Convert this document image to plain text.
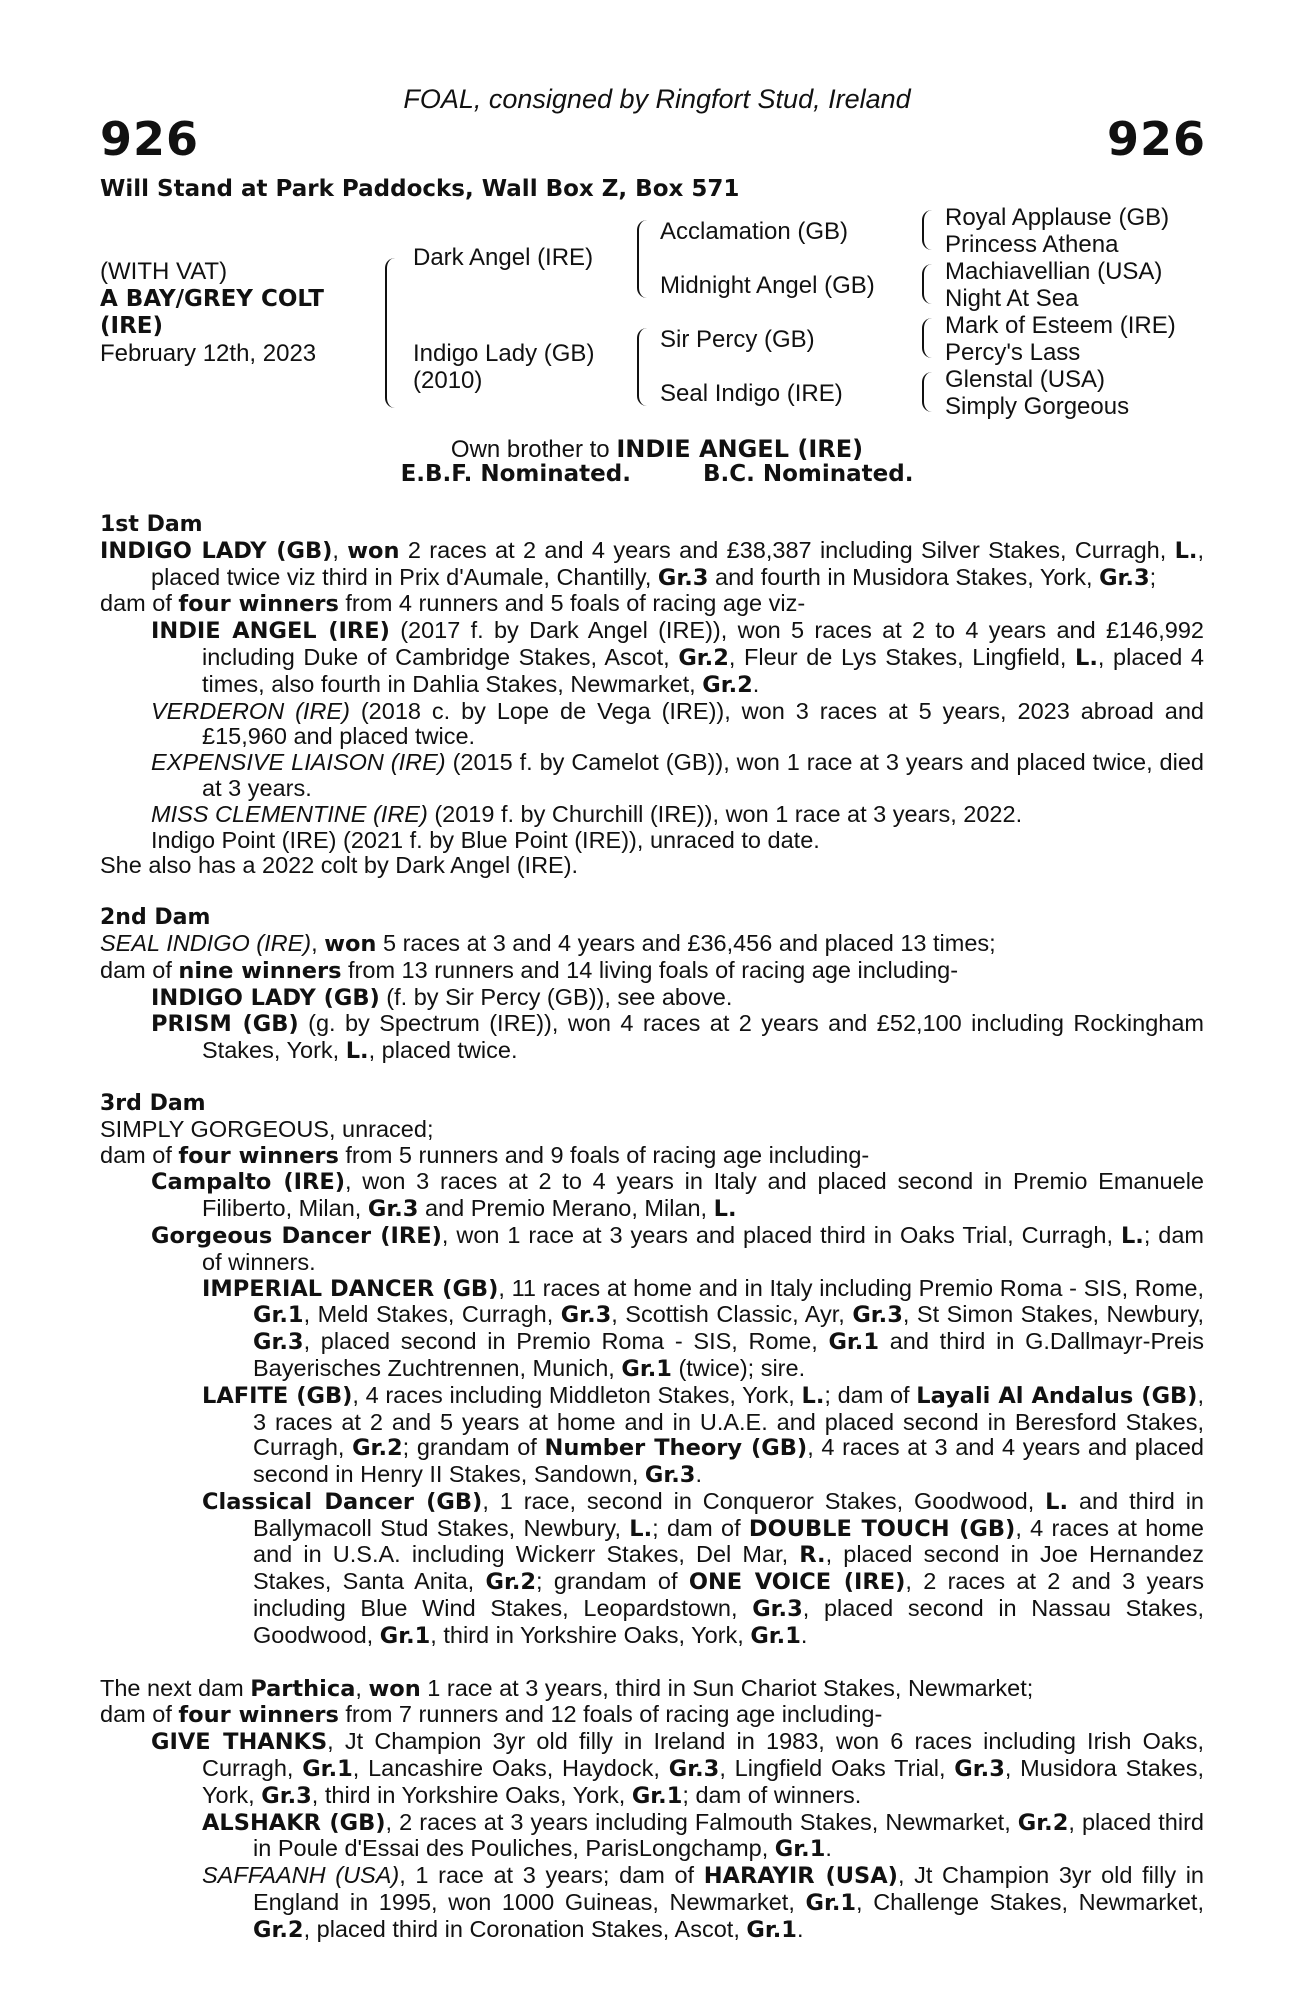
FOAL, consigned by Ringfort Stud, Ireland
926	926
Will Stand at Park Paddocks, Wall Box Z, Box 571
(WITH VAT)
A BAY/GREY COLT
(IRE)
February 12th, 2023
Dark Angel (IRE)
Indigo Lady (GB)
(2010)
Acclamation (GB)
Midnight Angel (GB)
Sir Percy (GB)
Seal Indigo (IRE)
Royal Applause (GB)
Princess Athena
Machiavellian (USA)
Night At Sea
Mark of Esteem (IRE)
Percy's Lass
Glenstal (USA)
Simply Gorgeous
Own brother to INDIE ANGEL (IRE)
E.B.F. Nominated.	B.C. Nominated.
1st Dam

INDIGO LADY (GB), won 2 races at 2 and 4 years and £38,387 including Silver Stakes, Curragh, L., placed twice viz third in Prix d'Aumale, Chantilly, Gr.3 and fourth in Musidora Stakes, York, Gr.3;

dam of four winners from 4 runners and 5 foals of racing age viz-

INDIE ANGEL (IRE) (2017 f. by Dark Angel (IRE)), won 5 races at 2 to 4 years and £146,992 including Duke of Cambridge Stakes, Ascot, Gr.2, Fleur de Lys Stakes, Lingfield, L., placed 4 times, also fourth in Dahlia Stakes, Newmarket, Gr.2.

VERDERON (IRE) (2018 c. by Lope de Vega (IRE)), won 3 races at 5 years, 2023 abroad and £15,960 and placed twice.

EXPENSIVE LIAISON (IRE) (2015 f. by Camelot (GB)), won 1 race at 3 years and placed twice, died at 3 years.

MISS CLEMENTINE (IRE) (2019 f. by Churchill (IRE)), won 1 race at 3 years, 2022.

Indigo Point (IRE) (2021 f. by Blue Point (IRE)), unraced to date.

She also has a 2022 colt by Dark Angel (IRE).

2nd Dam

SEAL INDIGO (IRE), won 5 races at 3 and 4 years and £36,456 and placed 13 times;

dam of nine winners from 13 runners and 14 living foals of racing age including-

INDIGO LADY (GB) (f. by Sir Percy (GB)), see above.

PRISM (GB) (g. by Spectrum (IRE)), won 4 races at 2 years and £52,100 including Rockingham Stakes, York, L., placed twice.

3rd Dam

SIMPLY GORGEOUS, unraced;

dam of four winners from 5 runners and 9 foals of racing age including-

Campalto (IRE), won 3 races at 2 to 4 years in Italy and placed second in Premio Emanuele Filiberto, Milan, Gr.3 and Premio Merano, Milan, L.

Gorgeous Dancer (IRE), won 1 race at 3 years and placed third in Oaks Trial, Curragh, L.; dam of winners.

IMPERIAL DANCER (GB), 11 races at home and in Italy including Premio Roma - SIS, Rome, Gr.1, Meld Stakes, Curragh, Gr.3, Scottish Classic, Ayr, Gr.3, St Simon Stakes, Newbury, Gr.3, placed second in Premio Roma - SIS, Rome, Gr.1 and third in G.Dallmayr-Preis Bayerisches Zuchtrennen, Munich, Gr.1 (twice); sire.

LAFITE (GB), 4 races including Middleton Stakes, York, L.; dam of Layali Al Andalus (GB), 3 races at 2 and 5 years at home and in U.A.E. and placed second in Beresford Stakes, Curragh, Gr.2; grandam of Number Theory (GB), 4 races at 3 and 4 years and placed second in Henry II Stakes, Sandown, Gr.3.

Classical Dancer (GB), 1 race, second in Conqueror Stakes, Goodwood, L. and third in Ballymacoll Stud Stakes, Newbury, L.; dam of DOUBLE TOUCH (GB), 4 races at home and in U.S.A. including Wickerr Stakes, Del Mar, R., placed second in Joe Hernandez Stakes, Santa Anita, Gr.2; grandam of ONE VOICE (IRE), 2 races at 2 and 3 years including Blue Wind Stakes, Leopardstown, Gr.3, placed second in Nassau Stakes, Goodwood, Gr.1, third in Yorkshire Oaks, York, Gr.1.

The next dam Parthica, won 1 race at 3 years, third in Sun Chariot Stakes, Newmarket;

dam of four winners from 7 runners and 12 foals of racing age including-

GIVE THANKS, Jt Champion 3yr old filly in Ireland in 1983, won 6 races including Irish Oaks, Curragh, Gr.1, Lancashire Oaks, Haydock, Gr.3, Lingfield Oaks Trial, Gr.3, Musidora Stakes, York, Gr.3, third in Yorkshire Oaks, York, Gr.1; dam of winners.

ALSHAKR (GB), 2 races at 3 years including Falmouth Stakes, Newmarket, Gr.2, placed third in Poule d'Essai des Pouliches, ParisLongchamp, Gr.1.

SAFFAANH (USA), 1 race at 3 years; dam of HARAYIR (USA), Jt Champion 3yr old filly in England in 1995, won 1000 Guineas, Newmarket, Gr.1, Challenge Stakes, Newmarket, Gr.2, placed third in Coronation Stakes, Ascot, Gr.1.
